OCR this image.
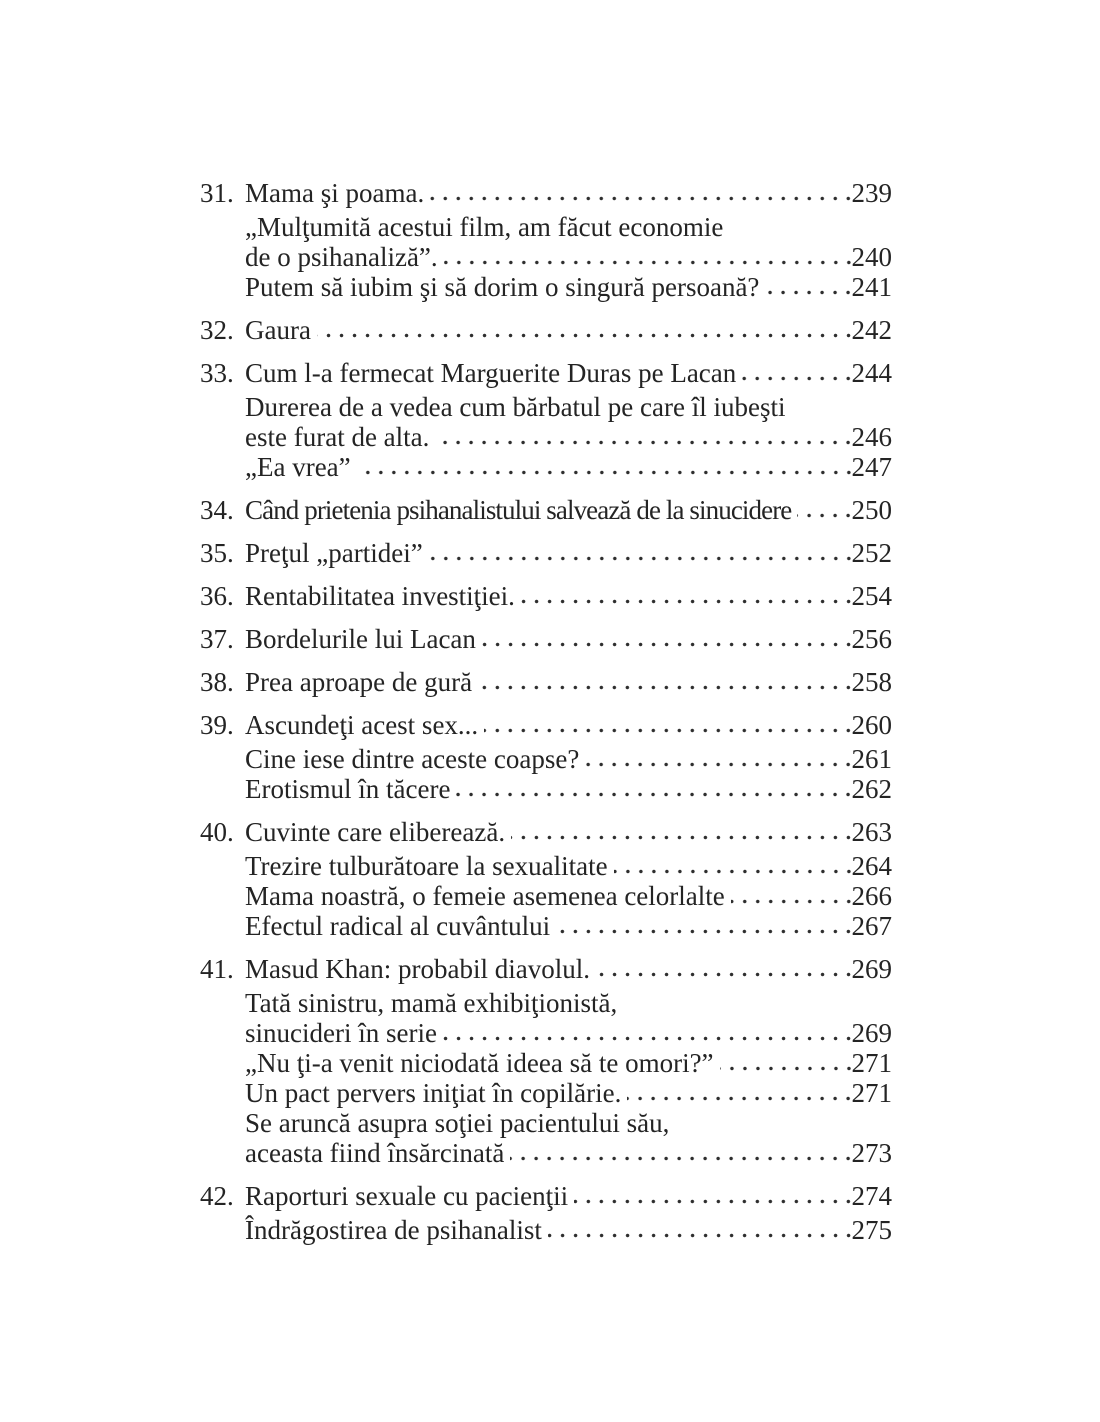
31. Mama şi poama.	239
„Mulţumită acestui film, am făcut economie
de o psihanaliză”.	240
Putem să iubim şi să dorim o singură persoană?	241
32. Gaura	242
33. Cum l-a fermecat Marguerite Duras pe Lacan	244
Durerea de a vedea cum bărbatul pe care îl iubeşti
este furat de alta.	246
„Ea vrea”	247
34. Când prietenia psihanalistului salvează de la sinucidere 250
35. Preţul „partidei”	252
36. Rentabilitatea investiţiei.	254
37. Bordelurile lui Lacan	256
38. Prea aproape de gură	258
39. Ascundeţi acest sex...	260
Cine iese dintre aceste coapse?	261
Erotismul în tăcere	262
40. Cuvinte care eliberează.	263
Trezire tulburătoare la sexualitate	264
Mama noastră, o femeie asemenea celorlalte	266
Efectul radical al cuvântului	267
41. Masud Khan: probabil diavolul.	269
Tată sinistru, mamă exhibiţionistă,
sinucideri în serie	269
„Nu ţi-a venit niciodată ideea să te omori?”	271
Un pact pervers iniţiat în copilărie.	271
Se aruncă asupra soţiei pacientului său,
aceasta fiind însărcinată	273
42. Raporturi sexuale cu pacienţii	274
Îndrăgostirea de psihanalist	275
